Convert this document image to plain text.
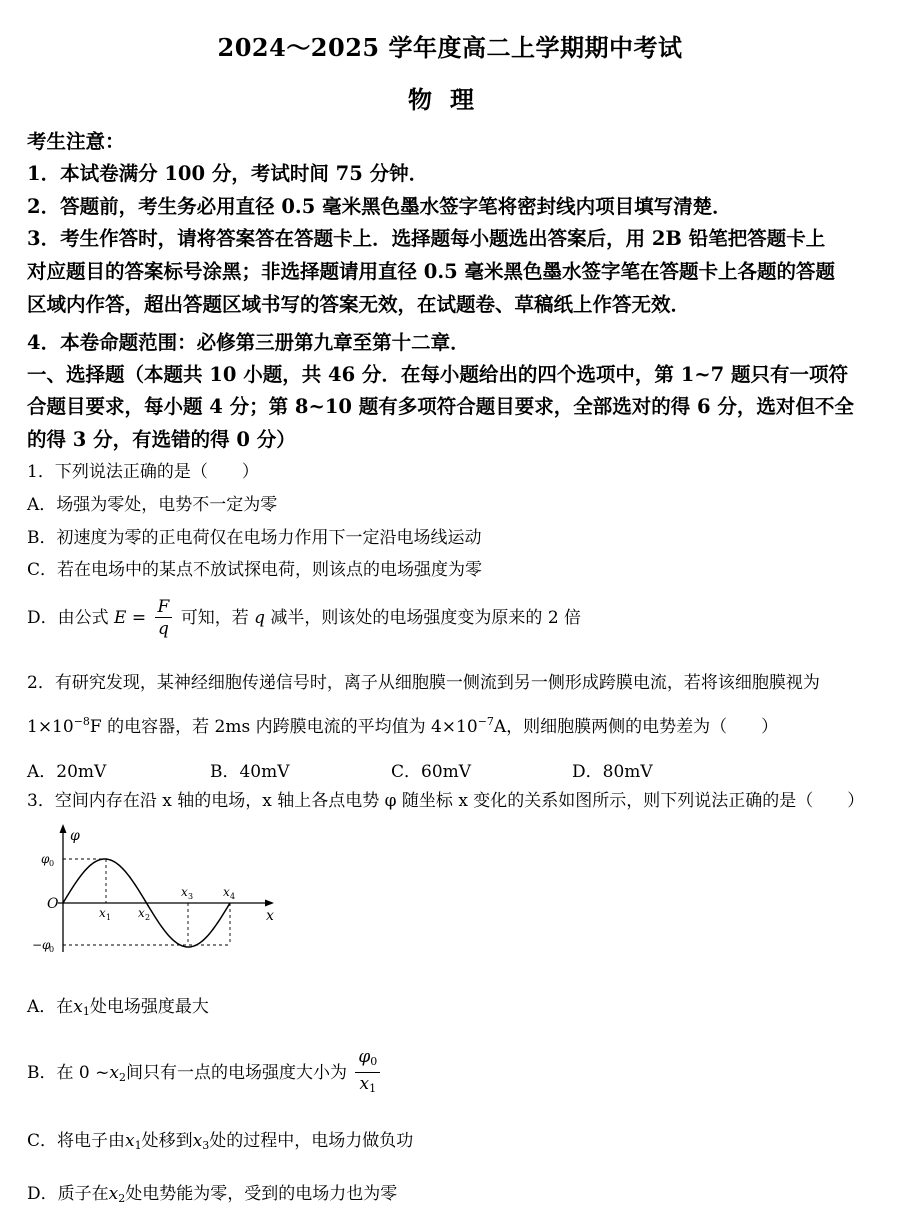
2024～2025 学年度高二上学期期中考试
物理
考生注意：
1．本试卷满分 100 分，考试时间 75 分钟．
2．答题前，考生务必用直径 0.5 毫米黑色墨水签字笔将密封线内项目填写清楚．
3．考生作答时，请将答案答在答题卡上．选择题每小题选出答案后，用 2B 铅笔把答题卡上
对应题目的答案标号涂黑；非选择题请用直径 0.5 毫米黑色墨水签字笔在答题卡上各题的答题
区域内作答，超出答题区域书写的答案无效，在试题卷、草稿纸上作答无效．
4．本卷命题范围：必修第三册第九章至第十二章．
一、选择题（本题共 10 小题，共 46 分．在每小题给出的四个选项中，第 1~7 题只有一项符
合题目要求，每小题 4 分；第 8~10 题有多项符合题目要求，全部选对的得 6 分，选对但不全
的得 3 分，有选错的得 0 分）
1．下列说法正确的是（　　）
A．场强为零处，电势不一定为零
B．初速度为零的正电荷仅在电场力作用下一定沿电场线运动
C．若在电场中的某点不放试探电荷，则该点的电场强度为零
D．由公式 $E = \frac{F}{q}$ 可知，若 q 减半，则该处的电场强度变为原来的 2 倍
2．有研究发现，某神经细胞传递信号时，离子从细胞膜一侧流到另一侧形成跨膜电流，若将该细胞膜视为
$1\times 10^{-8}F$ 的电容器，若 2ms 内跨膜电流的平均值为 $4\times 10^{-7}A$，则细胞膜两侧的电势差为（　　）
A．20mV	B．40mV	C．60mV	D．80mV
3．空间内存在沿 x 轴的电场，x 轴上各点电势 φ 随坐标 x 变化的关系如图所示，则下列说法正确的是（　　）
φ
x
O
φ 0
−φ
0
x 1 x 2
x 3 x 4
A．在$x_1$处电场强度最大
B．在 0 $\sim x_2$间只有一点的电场强度大小为 $\frac{\varphi_0}{x_1}$
C．将电子由$x_1$处移到$x_3$处的过程中，电场力做负功
D．质子在$x_2$处电势能为零，受到的电场力也为零
